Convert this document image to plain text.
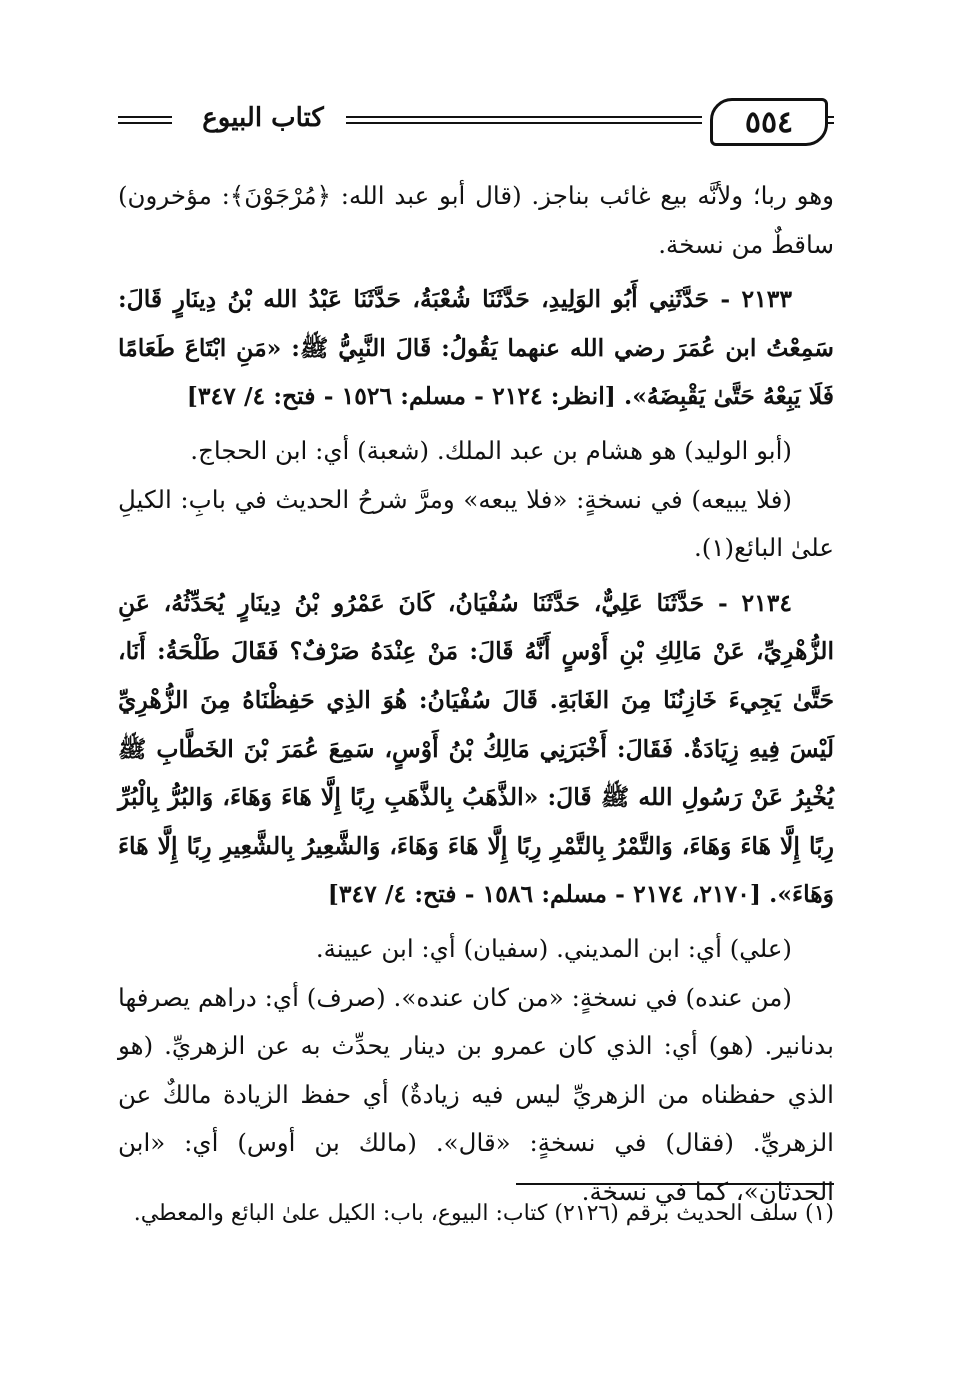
كتاب البيوع	٥٥٤

وهو ربا؛ ولأنَّه بيع غائب بناجز. (قال أبو عبد الله: ﴿مُرْجَوْنَ﴾: مؤخرون) ساقطٌ من نسخة.

٢١٣٣ - حَدَّثَنِي أَبُو الوَلِيدِ، حَدَّثَنَا شُعْبَةُ، حَدَّثَنَا عَبْدُ الله بْنُ دِينَارٍ قَالَ: سَمِعْتُ ابن عُمَرَ رضي الله عنهما يَقُولُ: قَالَ النَّبِيُّ ﷺ: «مَنِ ابْتَاعَ طَعَامًا فَلَا يَبِعْهُ حَتَّىٰ يَقْبِضَهُ». [انظر: ٢١٢٤ - مسلم: ١٥٢٦ - فتح: ٤/ ٣٤٧]

(أبو الوليد) هو هشام بن عبد الملك. (شعبة) أي: ابن الحجاج.

(فلا يبيعه) في نسخةٍ: «فلا يبعه» ومرَّ شرحُ الحديث في بابِ: الكيلِ علىٰ البائع(١).

٢١٣٤ - حَدَّثَنَا عَلِيٌّ، حَدَّثَنَا سُفْيَانُ، كَانَ عَمْرُو بْنُ دِينَارٍ يُحَدِّثُهُ، عَنِ الزُّهْرِيِّ، عَنْ مَالِكِ بْنِ أَوْسٍ أَنَّهُ قَالَ: مَنْ عِنْدَهُ صَرْفٌ؟ فَقَالَ طَلْحَةُ: أَنَا، حَتَّىٰ يَجِيءَ خَازِنُنَا مِنَ الغَابَةِ. قَالَ سُفْيَانُ: هُوَ الذِي حَفِظْنَاهُ مِنَ الزُّهْرِيِّ لَيْسَ فِيهِ زِيَادَةٌ. فَقَالَ: أَخْبَرَنِي مَالِكُ بْنُ أَوْسٍ، سَمِعَ عُمَرَ بْنَ الخَطَّابِ ﷺ يُخْبِرُ عَنْ رَسُولِ الله ﷺ قَالَ: «الذَّهَبُ بِالذَّهَبِ رِبًا إِلَّا هَاءَ وَهَاءَ، وَالبُرُّ بِالْبُرِّ رِبًا إِلَّا هَاءَ وَهَاءَ، وَالتَّمْرُ بِالتَّمْرِ رِبًا إِلَّا هَاءَ وَهَاءَ، وَالشَّعِيرُ بِالشَّعِيرِ رِبًا إِلَّا هَاءَ وَهَاءَ». [٢١٧٠، ٢١٧٤ - مسلم: ١٥٨٦ - فتح: ٤/ ٣٤٧]

(علي) أي: ابن المديني. (سفيان) أي: ابن عيينة.

(من عنده) في نسخةٍ: «من كان عنده». (صرف) أي: دراهم يصرفها بدنانير. (هو) أي: الذي كان عمرو بن دينار يحدِّث به عن الزهريِّ. (هو الذي حفظناه من الزهريِّ ليس فيه زيادةٌ) أي حفظ الزيادة مالكٌ عن الزهريِّ. (فقال) في نسخةٍ: «قال». (مالك بن أوس) أي: «ابن الحدثان»، كما في نسخة.

(١) سلف الحديث برقم (٢١٢٦) كتاب: البيوع، باب: الكيل علىٰ البائع والمعطي.
